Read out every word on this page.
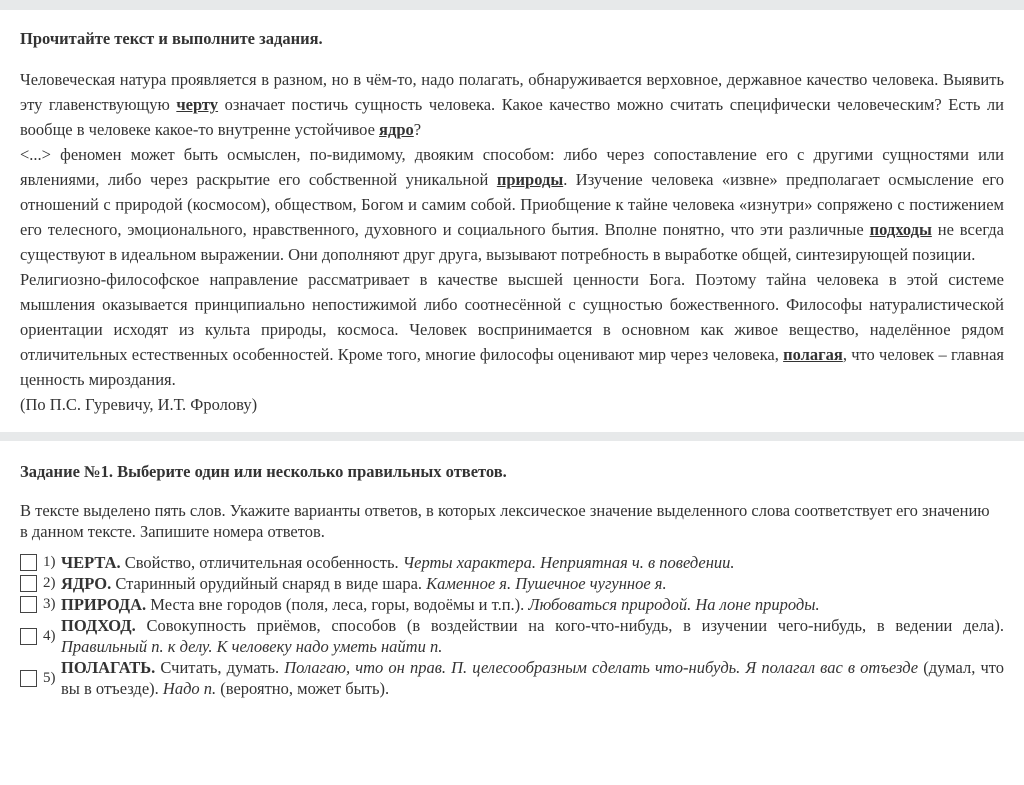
Прочитайте текст и выполните задания.

Человеческая натура проявляется в разном, но в чём-то, надо полагать, обнаруживается верховное, державное качество человека. Выявить эту главенствующую черту означает постичь сущность человека. Какое качество можно считать специфически человеческим? Есть ли вообще в человеке какое-то внутренне устойчивое ядро?

<...> феномен может быть осмыслен, по-видимому, двояким способом: либо через сопоставление его с другими сущностями или явлениями, либо через раскрытие его собственной уникальной природы. Изучение человека «извне» предполагает осмысление его отношений с природой (космосом), обществом, Богом и самим собой. Приобщение к тайне человека «изнутри» сопряжено с постижением его телесного, эмоционального, нравственного, духовного и социального бытия. Вполне понятно, что эти различные подходы не всегда существуют в идеальном выражении. Они дополняют друг друга, вызывают потребность в выработке общей, синтезирующей позиции.

Религиозно-философское направление рассматривает в качестве высшей ценности Бога. Поэтому тайна человека в этой системе мышления оказывается принципиально непостижимой либо соотнесённой с сущностью божественного. Философы натуралистической ориентации исходят из культа природы, космоса. Человек воспринимается в основном как живое вещество, наделённое рядом отличительных естественных особенностей. Кроме того, многие философы оценивают мир через человека, полагая, что человек – главная ценность мироздания.

(По П.С. Гуревичу, И.Т. Фролову)

Задание №1. Выберите один или несколько правильных ответов.
В тексте выделено пять слов. Укажите варианты ответов, в которых лексическое значение выделенного слова соответствует его значению
в данном тексте. Запишите номера ответов.
1) ЧЕРТА. Свойство, отличительная особенность. Черты характера. Неприятная ч. в поведении.
2) ЯДРО. Старинный орудийный снаряд в виде шара. Каменное я. Пушечное чугунное я.
3) ПРИРОДА. Места вне городов (поля, леса, горы, водоёмы и т.п.). Любоваться природой. На лоне природы.
4)
ПОДХОД. Совокупность приёмов, способов (в воздействии на кого-что-нибудь, в изучении чего-нибудь, в ведении дела). Правильный п. к делу. К человеку надо уметь найти п.
5)
ПОЛАГАТЬ. Считать, думать. Полагаю, что он прав. П. целесообразным сделать что-нибудь. Я полагал вас в отъезде (думал, что вы в отъезде). Надо п. (вероятно, может быть).
